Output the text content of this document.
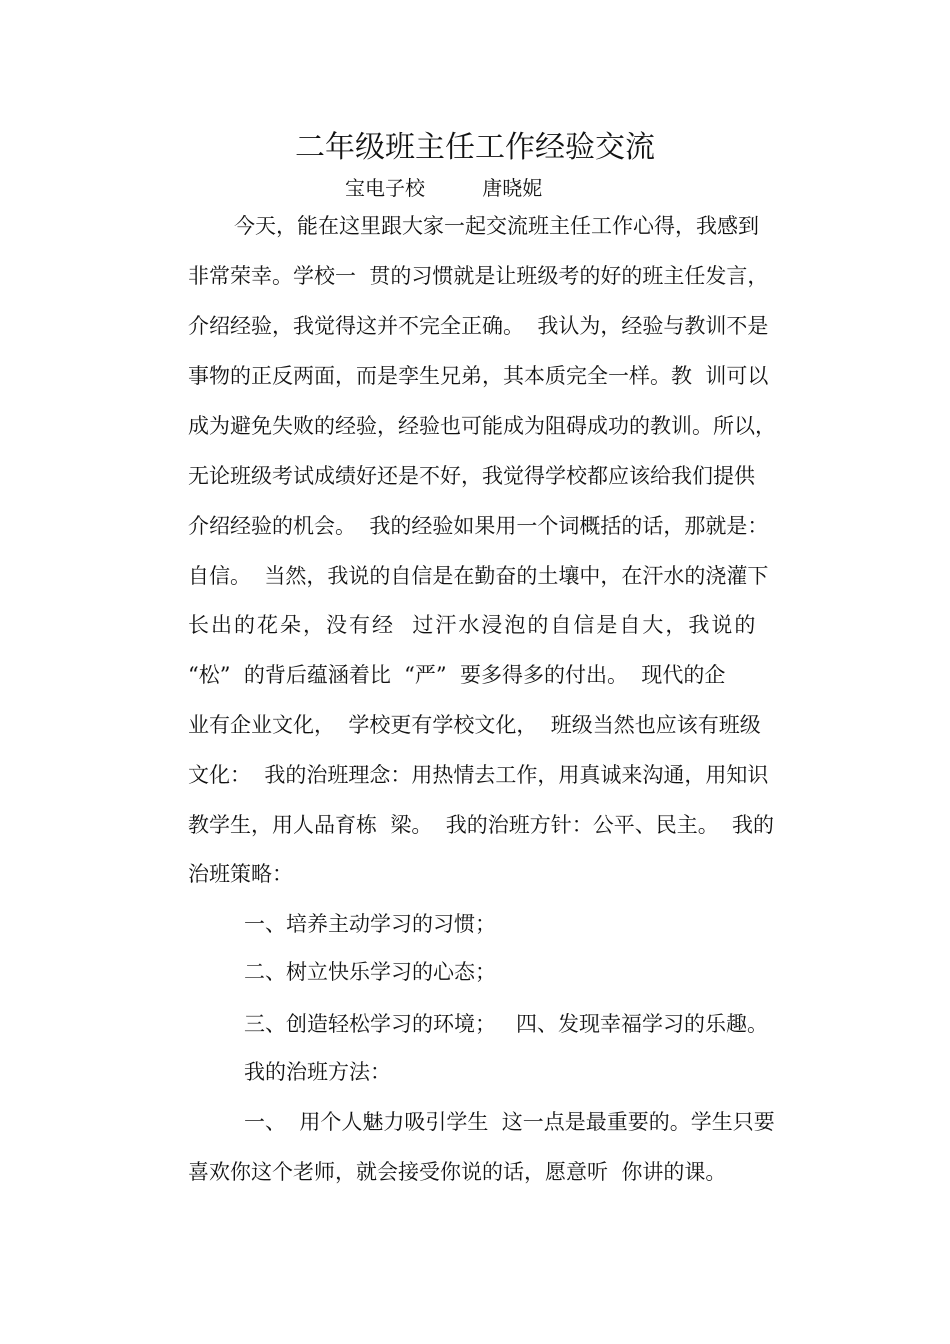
二年级班主任工作经验交流
宝电子校         唐晓妮
今天，能在这里跟大家一起交流班主任工作心得，我感到
非常荣幸。学校一  贯的习惯就是让班级考的好的班主任发言，
介绍经验，我觉得这并不完全正确。  我认为，经验与教训不是
事物的正反两面，而是孪生兄弟，其本质完全一样。教  训可以
成为避免失败的经验，经验也可能成为阻碍成功的教训。所以，
无论班级考试成绩好还是不好，我觉得学校都应该给我们提供
介绍经验的机会。  我的经验如果用一个词概括的话，那就是：
自信。  当然，我说的自信是在勤奋的土壤中，在汗水的浇灌下
长出的花朵，没有经  过汗水浸泡的自信是自大，我说的
“松”  的背后蕴涵着比  “严”  要多得多的付出。  现代的企
业有企业文化，  学校更有学校文化，  班级当然也应该有班级
文化：  我的治班理念：用热情去工作，用真诚来沟通，用知识
教学生，用人品育栋  梁。  我的治班方针：公平、民主。  我的
治班策略：
一、培养主动学习的习惯；
二、树立快乐学习的心态；
三、创造轻松学习的环境；   四、发现幸福学习的乐趣。
我的治班方法：
一、  用个人魅力吸引学生  这一点是最重要的。学生只要
喜欢你这个老师，就会接受你说的话，愿意听  你讲的课。
